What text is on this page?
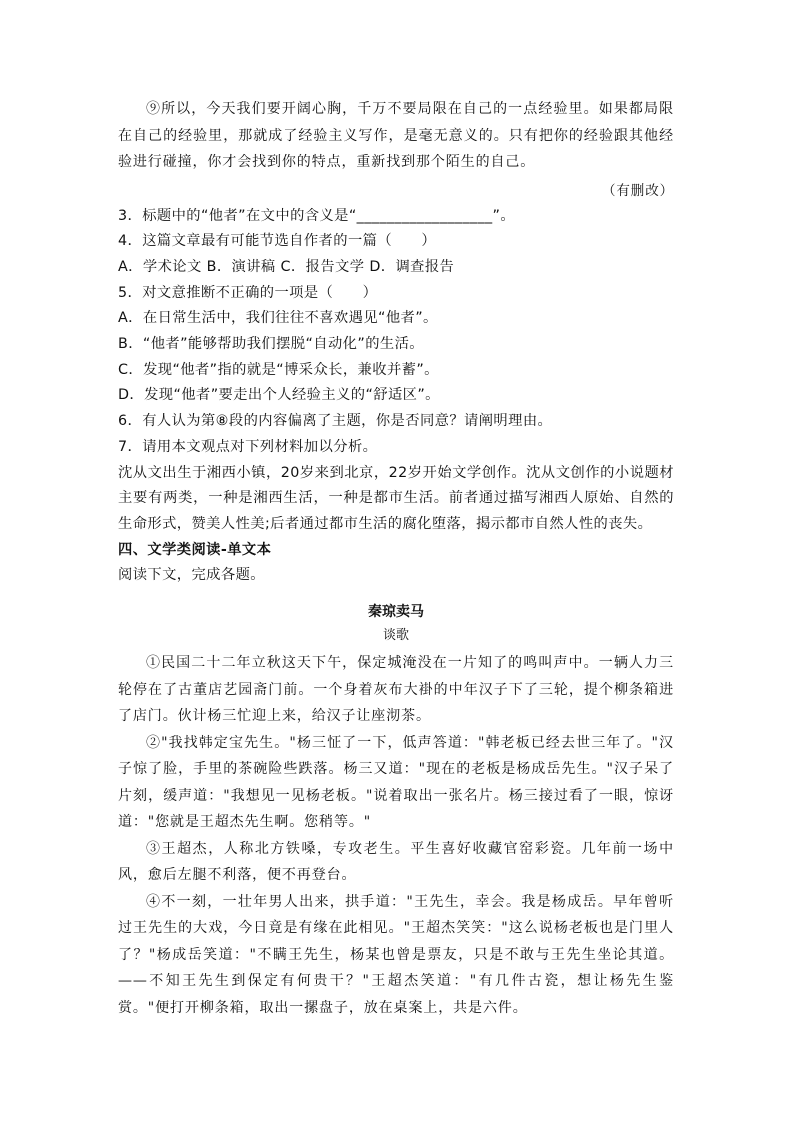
⑨所以，今天我们要开阔心胸，千万不要局限在自己的一点经验里。如果都局限在自己的经验里，那就成了经验主义写作，是毫无意义的。只有把你的经验跟其他经验进行碰撞，你才会找到你的特点，重新找到那个陌生的自己。

（有删改）

3．标题中的“他者”在文中的含义是“__________________”。

4．这篇文章最有可能节选自作者的一篇（　　）

A．学术论文 B．演讲稿 C．报告文学 D．调查报告

5．对文意推断不正确的一项是（　　）

A．在日常生活中，我们往往不喜欢遇见“他者”。

B．“他者”能够帮助我们摆脱“自动化”的生活。

C．发现“他者”指的就是“博采众长，兼收并蓄”。

D．发现“他者”要走出个人经验主义的“舒适区”。

6．有人认为第⑧段的内容偏离了主题，你是否同意？请阐明理由。

7．请用本文观点对下列材料加以分析。

沈从文出生于湘西小镇，20岁来到北京，22岁开始文学创作。沈从文创作的小说题材主要有两类，一种是湘西生活，一种是都市生活。前者通过描写湘西人原始、自然的生命形式，赞美人性美;后者通过都市生活的腐化堕落，揭示都市自然人性的丧失。

四、文学类阅读-单文本

阅读下文，完成各题。

秦琼卖马
谈歌

①民国二十二年立秋这天下午，保定城淹没在一片知了的鸣叫声中。一辆人力三轮停在了古董店艺园斋门前。一个身着灰布大褂的中年汉子下了三轮，提个柳条箱进了店门。伙计杨三忙迎上来，给汉子让座沏茶。

②"我找韩定宝先生。"杨三怔了一下，低声答道："韩老板已经去世三年了。"汉子惊了脸，手里的茶碗险些跌落。杨三又道："现在的老板是杨成岳先生。"汉子呆了片刻，缓声道："我想见一见杨老板。"说着取出一张名片。杨三接过看了一眼，惊讶道："您就是王超杰先生啊。您稍等。"

③王超杰，人称北方铁嗓，专攻老生。平生喜好收藏官窑彩瓷。几年前一场中风，愈后左腿不利落，便不再登台。

④不一刻，一壮年男人出来，拱手道："王先生，幸会。我是杨成岳。早年曾听过王先生的大戏，今日竟是有缘在此相见。"王超杰笑笑："这么说杨老板也是门里人了？"杨成岳笑道："不瞒王先生，杨某也曾是票友，只是不敢与王先生坐论其道。——不知王先生到保定有何贵干？"王超杰笑道："有几件古瓷，想让杨先生鉴赏。"便打开柳条箱，取出一摞盘子，放在桌案上，共是六件。
